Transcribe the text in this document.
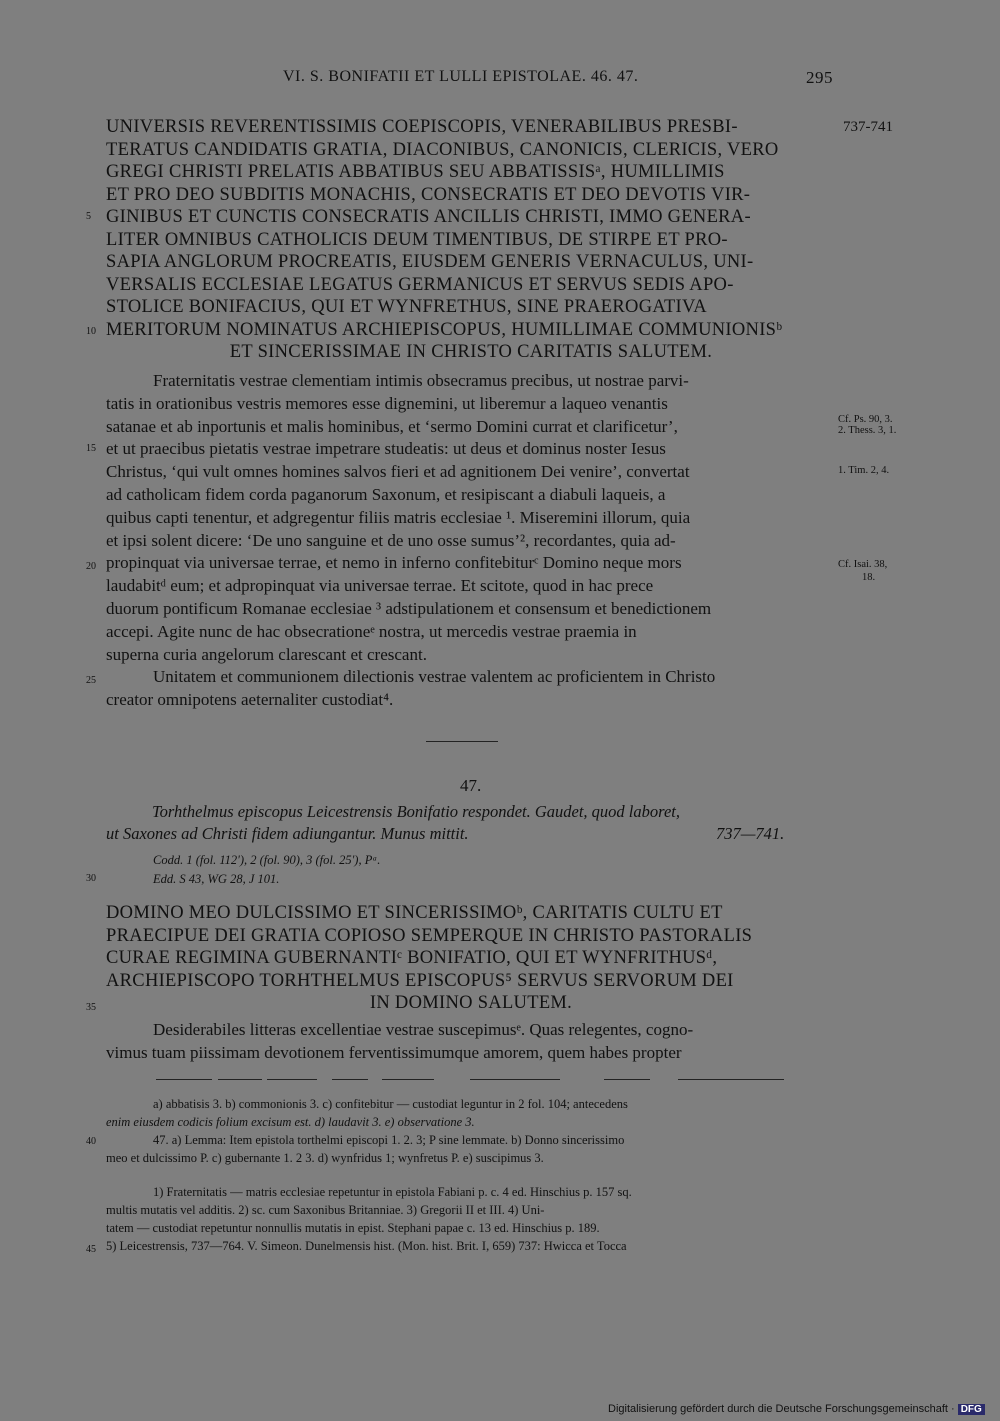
VI. S. BONIFATII ET LULLI EPISTOLAE. 46. 47.	295
737-741
UNIVERSIS REVERENTISSIMIS COEPISCOPIS, VENERABILIBUS PRESBI-
TERATUS CANDIDATIS GRATIA, DIACONIBUS, CANONICIS, CLERICIS, VERO
GREGI CHRISTI PRELATIS ABBATIBUS SEU ABBATISSISᵃ, HUMILLIMIS
ET PRO DEO SUBDITIS MONACHIS, CONSECRATIS ET DEO DEVOTIS VIR-
GINIBUS ET CUNCTIS CONSECRATIS ANCILLIS CHRISTI, IMMO GENERA-
LITER OMNIBUS CATHOLICIS DEUM TIMENTIBUS, DE STIRPE ET PRO-
SAPIA ANGLORUM PROCREATIS, EIUSDEM GENERIS VERNACULUS, UNI-
VERSALIS ECCLESIAE LEGATUS GERMANICUS ET SERVUS SEDIS APO-
STOLICE BONIFACIUS, QUI ET WYNFRETHUS, SINE PRAEROGATIVA
MERITORUM NOMINATUS ARCHIEPISCOPUS, HUMILLIMAE COMMUNIONISᵇ
ET SINCERISSIMAE IN CHRISTO CARITATIS SALUTEM.
Fraternitatis vestrae clementiam intimis obsecramus precibus, ut nostrae parvi-
tatis in orationibus vestris memores esse dignemini, ut liberemur a laqueo venantis
satanae et ab inportunis et malis hominibus, et ‘sermo Domini currat et clarificetur’,
et ut praecibus pietatis vestrae impetrare studeatis: ut deus et dominus noster Iesus
Christus, ‘qui vult omnes homines salvos fieri et ad agnitionem Dei venire’, convertat
ad catholicam fidem corda paganorum Saxonum, et resipiscant a diabuli laqueis, a
quibus capti tenentur, et adgregentur filiis matris ecclesiae ¹. Miseremini illorum, quia
et ipsi solent dicere: ‘De uno sanguine et de uno osse sumus’², recordantes, quia ad-
propinquat via universae terrae, et nemo in inferno confitebiturᶜ Domino neque mors
laudabitᵈ eum; et adpropinquat via universae terrae. Et scitote, quod in hac prece
duorum pontificum Romanae ecclesiae ³ adstipulationem et consensum et benedictionem
accepi. Agite nunc de hac obsecrationeᵉ nostra, ut mercedis vestrae praemia in
superna curia angelorum clarescant et crescant.
Unitatem et communionem dilectionis vestrae valentem ac proficientem in Christo
creator omnipotens aeternaliter custodiat⁴.
Cf. Ps. 90, 3.
2. Thess. 3, 1.
1. Tim. 2, 4.
Cf. Isai. 38,
18.
47.
Torhthelmus episcopus Leicestrensis Bonifatio respondet. Gaudet, quod laboret,
ut Saxones ad Christi fidem adiungantur. Munus mittit.	737—741.
Codd. 1 (fol. 112'), 2 (fol. 90), 3 (fol. 25'), Pᵃ.
Edd. S 43, WG 28, J 101.
DOMINO MEO DULCISSIMO ET SINCERISSIMOᵇ, CARITATIS CULTU ET
PRAECIPUE DEI GRATIA COPIOSO SEMPERQUE IN CHRISTO PASTORALIS
CURAE REGIMINA GUBERNANTIᶜ BONIFATIO, QUI ET WYNFRITHUSᵈ,
ARCHIEPISCOPO TORHTHELMUS EPISCOPUS⁵ SERVUS SERVORUM DEI
IN DOMINO SALUTEM.
Desiderabiles litteras excellentiae vestrae suscepimusᵉ. Quas relegentes, cogno-
vimus tuam piissimam devotionem ferventissimumque amorem, quem habes propter
a) abbatisis 3. b) commonionis 3. c) confitebitur — custodiat leguntur in 2 fol. 104; antecedens
enim eiusdem codicis folium excisum est. d) laudavit 3. e) observatione 3.
47. a) Lemma: Item epistola torthelmi episcopi 1. 2. 3; P sine lemmate. b) Donno sincerissimo
meo et dulcissimo P. c) gubernante 1. 2 3. d) wynfridus 1; wynfretus P. e) suscipimus 3.
1) Fraternitatis — matris ecclesiae repetuntur in epistola Fabiani p. c. 4 ed. Hinschius p. 157 sq.
multis mutatis vel additis. 2) sc. cum Saxonibus Britanniae. 3) Gregorii II et III. 4) Uni-
tatem — custodiat repetuntur nonnullis mutatis in epist. Stephani papae c. 13 ed. Hinschius p. 189.
5) Leicestrensis, 737—764. V. Simeon. Dunelmensis hist. (Mon. hist. Brit. I, 659) 737: Hwicca et Tocca
5
10
15
20
25
30
35
40
45
Digitalisierung gefördert durch die Deutsche Forschungsgemeinschaft · DFG
